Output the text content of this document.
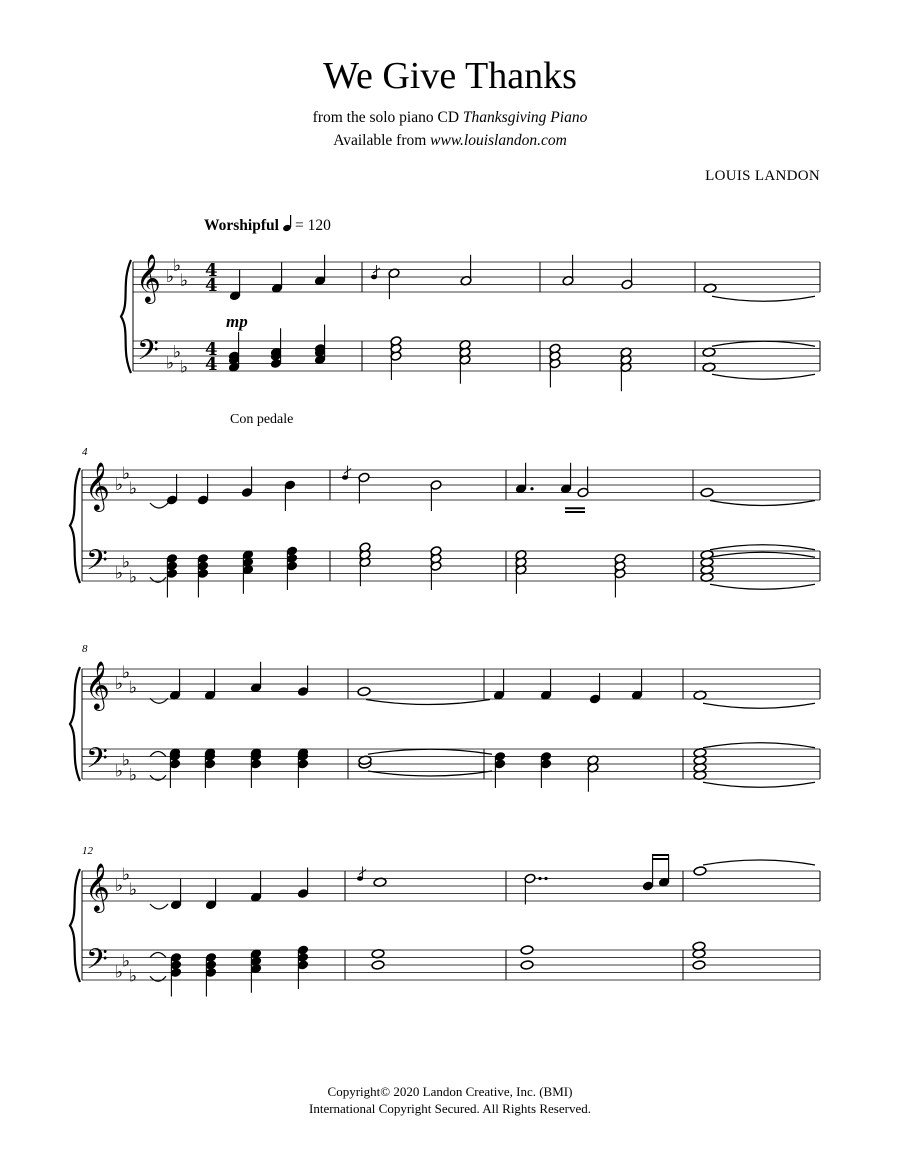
We Give Thanks
from the solo piano CD Thanksgiving Piano
Available from www.louislandon.com
LOUIS LANDON
Worshipful = 120
mp
Con pedale
4
8
12
Copyright© 2020 Landon Creative, Inc. (BMI)
International Copyright Secured. All Rights Reserved.
𝄞
𝄢
♭
♭
♭
♭
♭
♭
4
4
4
4
𝄞
𝄢
♭
♭
♭
♭
♭
♭
𝄞
𝄢
♭
♭
♭
♭
♭
♭
𝄞
𝄢
♭
♭
♭
♭
♭
♭
